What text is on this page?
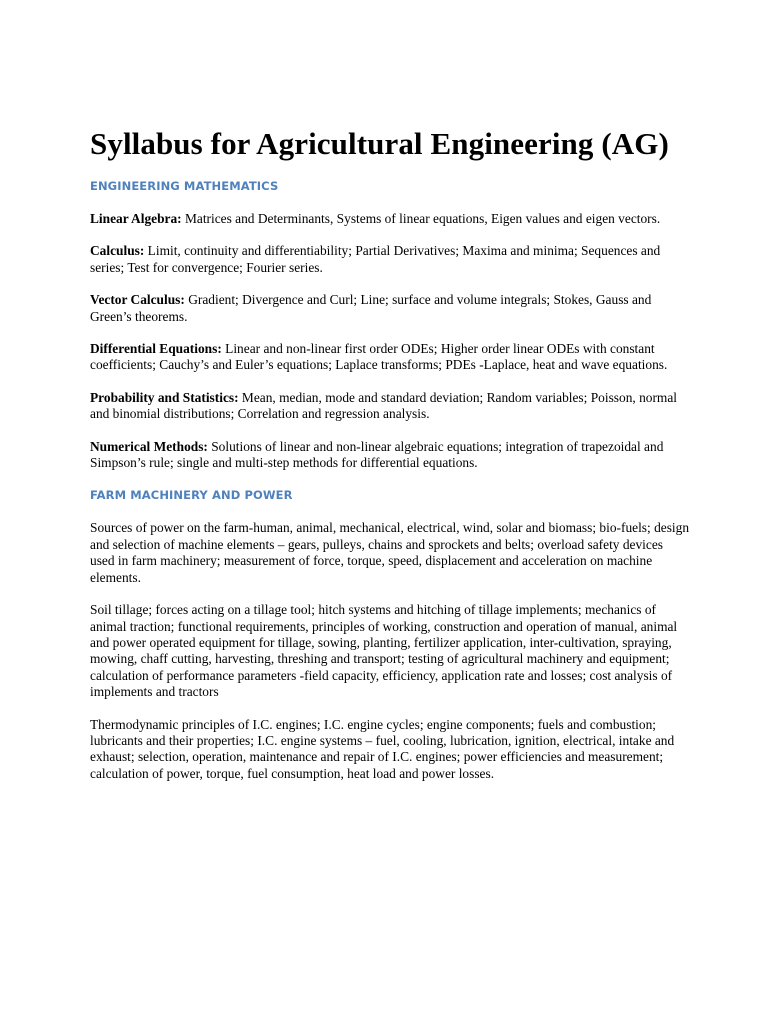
Syllabus for Agricultural Engineering (AG)
ENGINEERING MATHEMATICS

Linear Algebra: Matrices and Determinants, Systems of linear equations, Eigen values and eigen vectors.

Calculus: Limit, continuity and differentiability; Partial Derivatives; Maxima and minima; Sequences and series; Test for convergence; Fourier series.

Vector Calculus: Gradient; Divergence and Curl; Line; surface and volume integrals; Stokes, Gauss and Green’s theorems.

Differential Equations: Linear and non-linear first order ODEs; Higher order linear ODEs with constant coefficients; Cauchy’s and Euler’s equations; Laplace transforms; PDEs -Laplace, heat and wave equations.

Probability and Statistics: Mean, median, mode and standard deviation; Random variables; Poisson, normal and binomial distributions; Correlation and regression analysis.

Numerical Methods: Solutions of linear and non-linear algebraic equations; integration of trapezoidal and Simpson’s rule; single and multi-step methods for differential equations.

FARM MACHINERY AND POWER

Sources of power on the farm-human, animal, mechanical, electrical, wind, solar and biomass; bio-fuels; design and selection of machine elements – gears, pulleys, chains and sprockets and belts; overload safety devices used in farm machinery; measurement of force, torque, speed, displacement and acceleration on machine elements.

Soil tillage; forces acting on a tillage tool; hitch systems and hitching of tillage implements; mechanics of animal traction; functional requirements, principles of working, construction and operation of manual, animal and power operated equipment for tillage, sowing, planting, fertilizer application, inter-cultivation, spraying, mowing, chaff cutting, harvesting, threshing and transport; testing of agricultural machinery and equipment; calculation of performance parameters -field capacity, efficiency, application rate and losses; cost analysis of implements and tractors

Thermodynamic principles of I.C. engines; I.C. engine cycles; engine components; fuels and combustion; lubricants and their properties; I.C. engine systems – fuel, cooling, lubrication, ignition, electrical, intake and exhaust; selection, operation, maintenance and repair of I.C. engines; power efficiencies and measurement; calculation of power, torque, fuel consumption, heat load and power losses.
